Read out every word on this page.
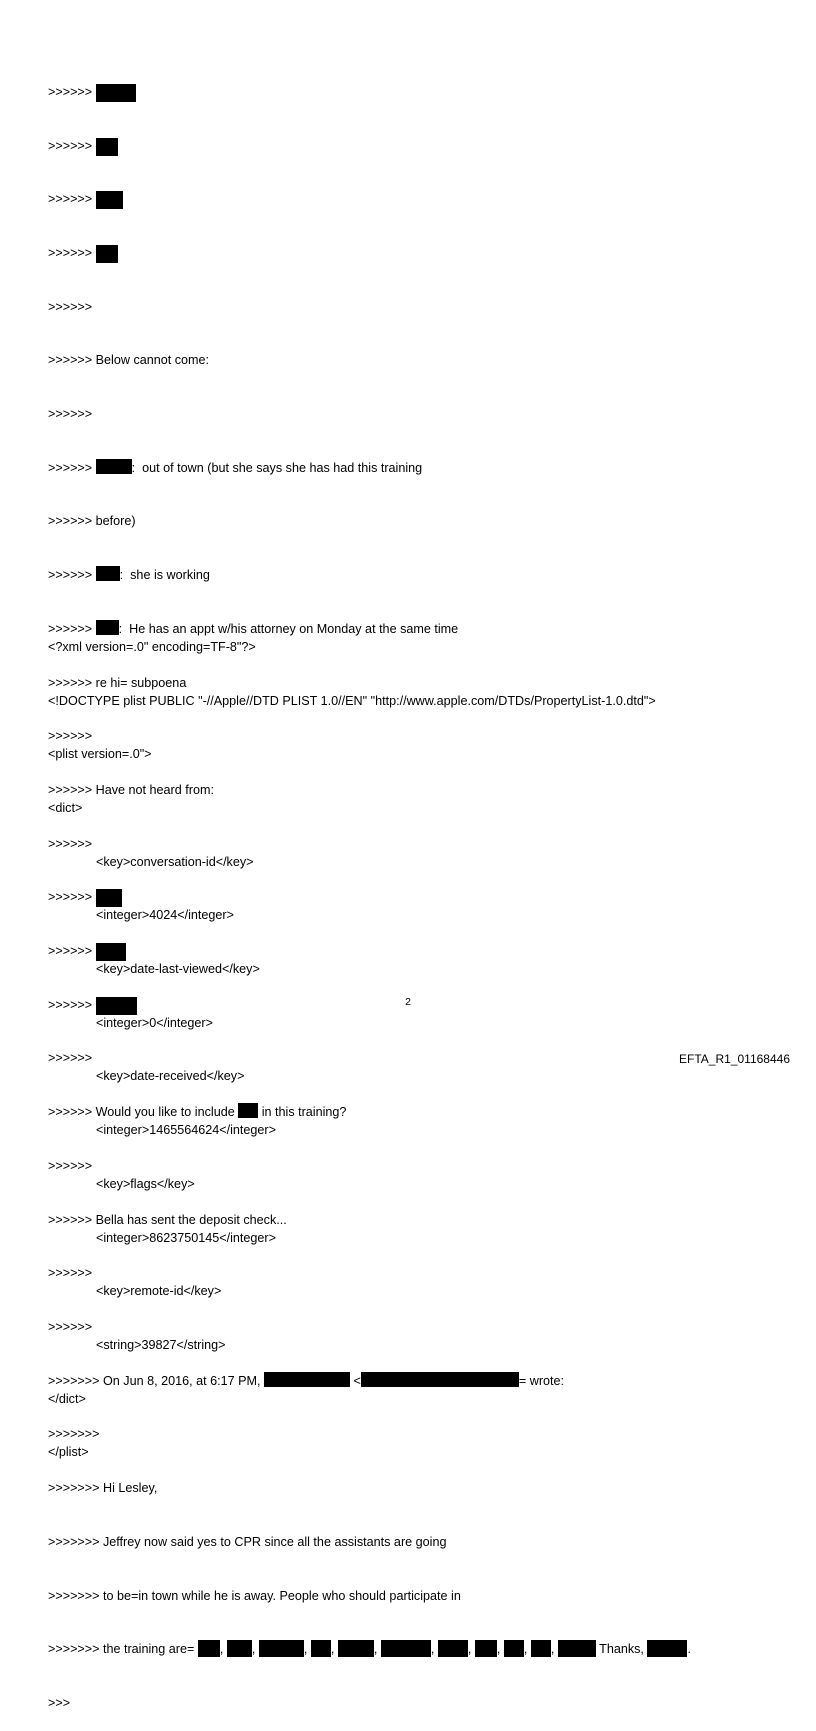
>>>>>>

>>>>>>

>>>>>>

>>>>>>

>>>>>>

>>>>>> Below cannot come:

>>>>>>

>>>>>>	:  out of town (but she says she has had this training

>>>>>> before)

>>>>>> :  she is working

>>>>>> :  He has an appt w/his attorney on Monday at the same time

>>>>>> re hi= subpoena

>>>>>>

>>>>>> Have not heard from:

>>>>>>

>>>>>>

>>>>>>

>>>>>>

>>>>>>

>>>>>> Would you like to include  in this training?

>>>>>>

>>>>>> Bella has sent the deposit check...

>>>>>>

>>>>>>

>>>>>>> On Jun 8, 2016, at 6:17 PM,	<	= wrote:

>>>>>>>

>>>>>>> Hi Lesley,

>>>>>>> Jeffrey now said yes to CPR since all the assistants are going

>>>>>>> to be=in town while he is away. People who should participate in

>>>>>>> the training are= , ,	, ,	,	, , , , ,	Thanks,	.

>>>

<?xml version=.0" encoding=TF-8"?>

<!DOCTYPE plist PUBLIC "-//Apple//DTD PLIST 1.0//EN" "http://www.apple.com/DTDs/PropertyList-1.0.dtd">

<plist version=.0">

<dict>

<key>conversation-id</key>

<integer>4024</integer>

<key>date-last-viewed</key>

<integer>0</integer>

<key>date-received</key>

<integer>1465564624</integer>

<key>flags</key>

<integer>8623750145</integer>

<key>remote-id</key>

<string>39827</string>

</dict>

</plist>

2
EFTA_R1_01168446
